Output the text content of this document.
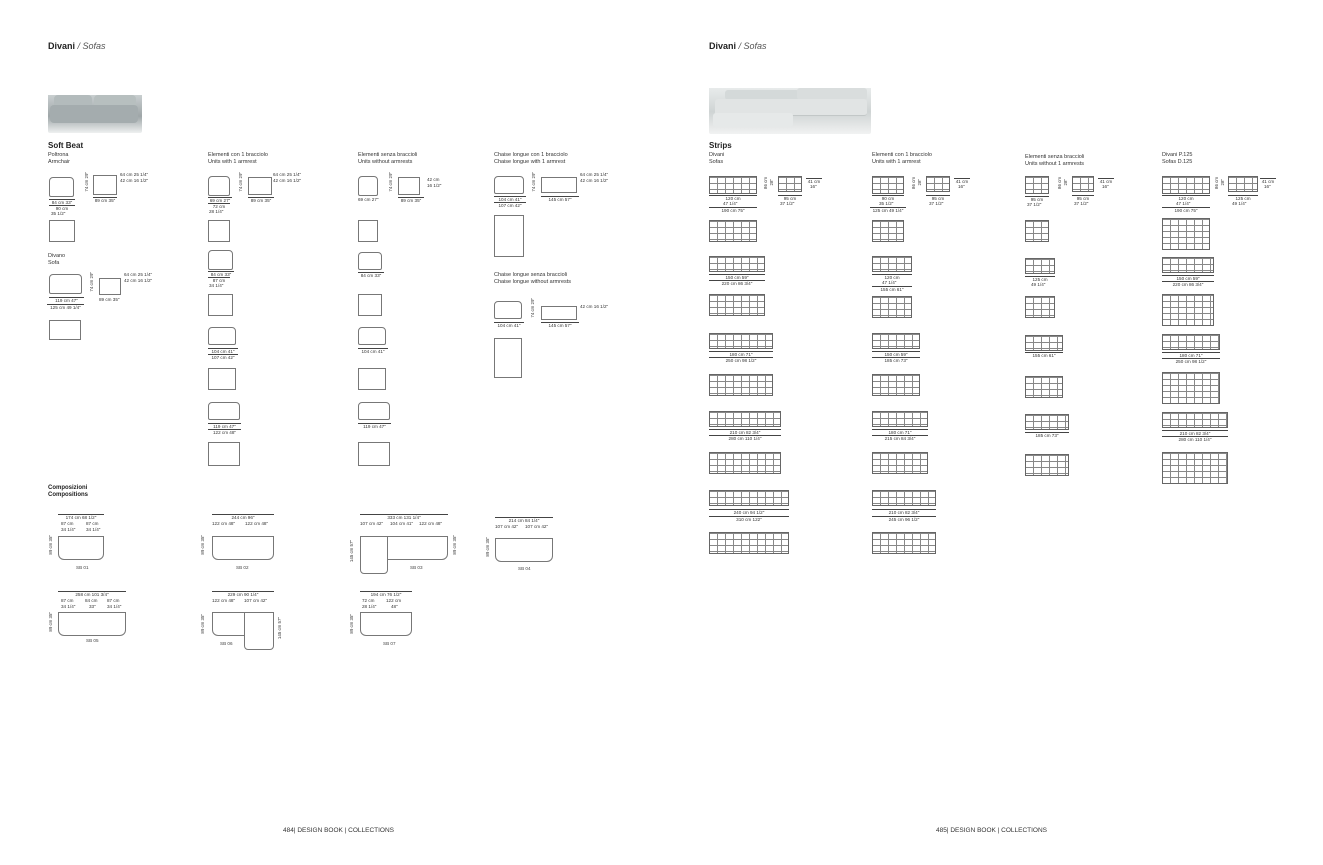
Divani / Sofas
Soft Beat
Poltrona
Armchair
74 cm 29"	64 cm 25 1/4"
42 cm 16 1/2"
84 cm 33"	89 cm 35"
90 cm
35 1/2"
Divano
Sofa
74 cm 29"	64 cm 25 1/4"
42 cm 16 1/2"
119 cm 47"	89 cm 35"
125 cm 49 1/4"
Elementi con 1 bracciolo
Units with 1 armrest
74 cm 29"	64 cm 25 1/4"
42 cm 16 1/2"
69 cm 27"	89 cm 35"
72 cm
28 1/4"
84 cm 33"
87 cm
34 1/4"
104 cm 41"
107 cm 42"
119 cm 47"
122 cm 48"
Elementi senza braccioli
Units without armrests
74 cm 29"	42 cm
16 1/2"
69 cm 27"	89 cm 35"
84 cm 33"
104 cm 41"
119 cm 47"
Chaise longue con 1 bracciolo
Chaise longue with 1 armrest
74 cm 29"	64 cm 25 1/4"
42 cm 16 1/2"
104 cm 41"	145 cm 57"
107 cm 42"
Chaise longue senza braccioli
Chaise longue without armrests
74 cm 29"	42 cm 16 1/2"
104 cm 41"	145 cm 57"
Composizioni
Compositions
174 cm 68 1/2"
87 cm	87 cm
34 1/4" 34 1/4"
89 cm 35"
SB 01
244 cm 96"
122 cm 48" 122 cm 48"
89 cm 35"
SB 02
333 cm 131 1/4"
107 cm 42" 104 cm 41" 122 cm 48"
145 cm 57"	89 cm 35"
SB 03
214 cm 84 1/4"
107 cm 42" 107 cm 42"
89 cm 35"
SB 04
258 cm 101 3/4"
87 cm 84 cm 87 cm
34 1/4"	33" 34 1/4"
89 cm 35"
SB 05
229 cm 90 1/4"
122 cm 48" 107 cm 42"
89 cm 35"	145 cm 57"
SB 06
194 cm 76 1/2"
72 cm 122 cm
28 1/4"	48"
89 cm 35"
SB 07
484| DESIGN BOOK | COLLECTIONS
Divani / Sofas
Strips
Divani
Sofas
86 cm 28"	41 cm
16"
120 cm
47 1/4"
190 cm 75"
95 cm
37 1/2"
150 cm 59"
220 cm 86 3/4"
180 cm 71"
250 cm 98 1/2"
210 cm 82 3/4"
280 cm 110 1/4"
240 cm 94 1/2"
310 cm 122"
Elementi con 1 bracciolo
Units with 1 armrest
86 cm 28"	41 cm
16"
90 cm
35 1/2"
125 cm 49 1/4"
95 cm
37 1/2"
120 cm
47 1/4"
155 cm 61"
150 cm 59"
185 cm 73"
180 cm 71"
215 cm 84 3/4"
210 cm 82 3/4"
245 cm 96 1/2"
Elementi senza braccioli
Units without 1 armrests
86 cm 28"	41 cm
16"
95 cm
37 1/2"
95 cm
37 1/2"
125 cm
49 1/4"
155 cm 61"
185 cm 73"
Divani P.125
Sofas D.125
86 cm 28"	41 cm
16"
120 cm
47 1/4"
190 cm 75"
125 cm
49 1/4"
150 cm 59"
220 cm 86 3/4"
180 cm 71"
250 cm 98 1/2"
210 cm 82 3/4"
280 cm 110 1/4"
485| DESIGN BOOK | COLLECTIONS
